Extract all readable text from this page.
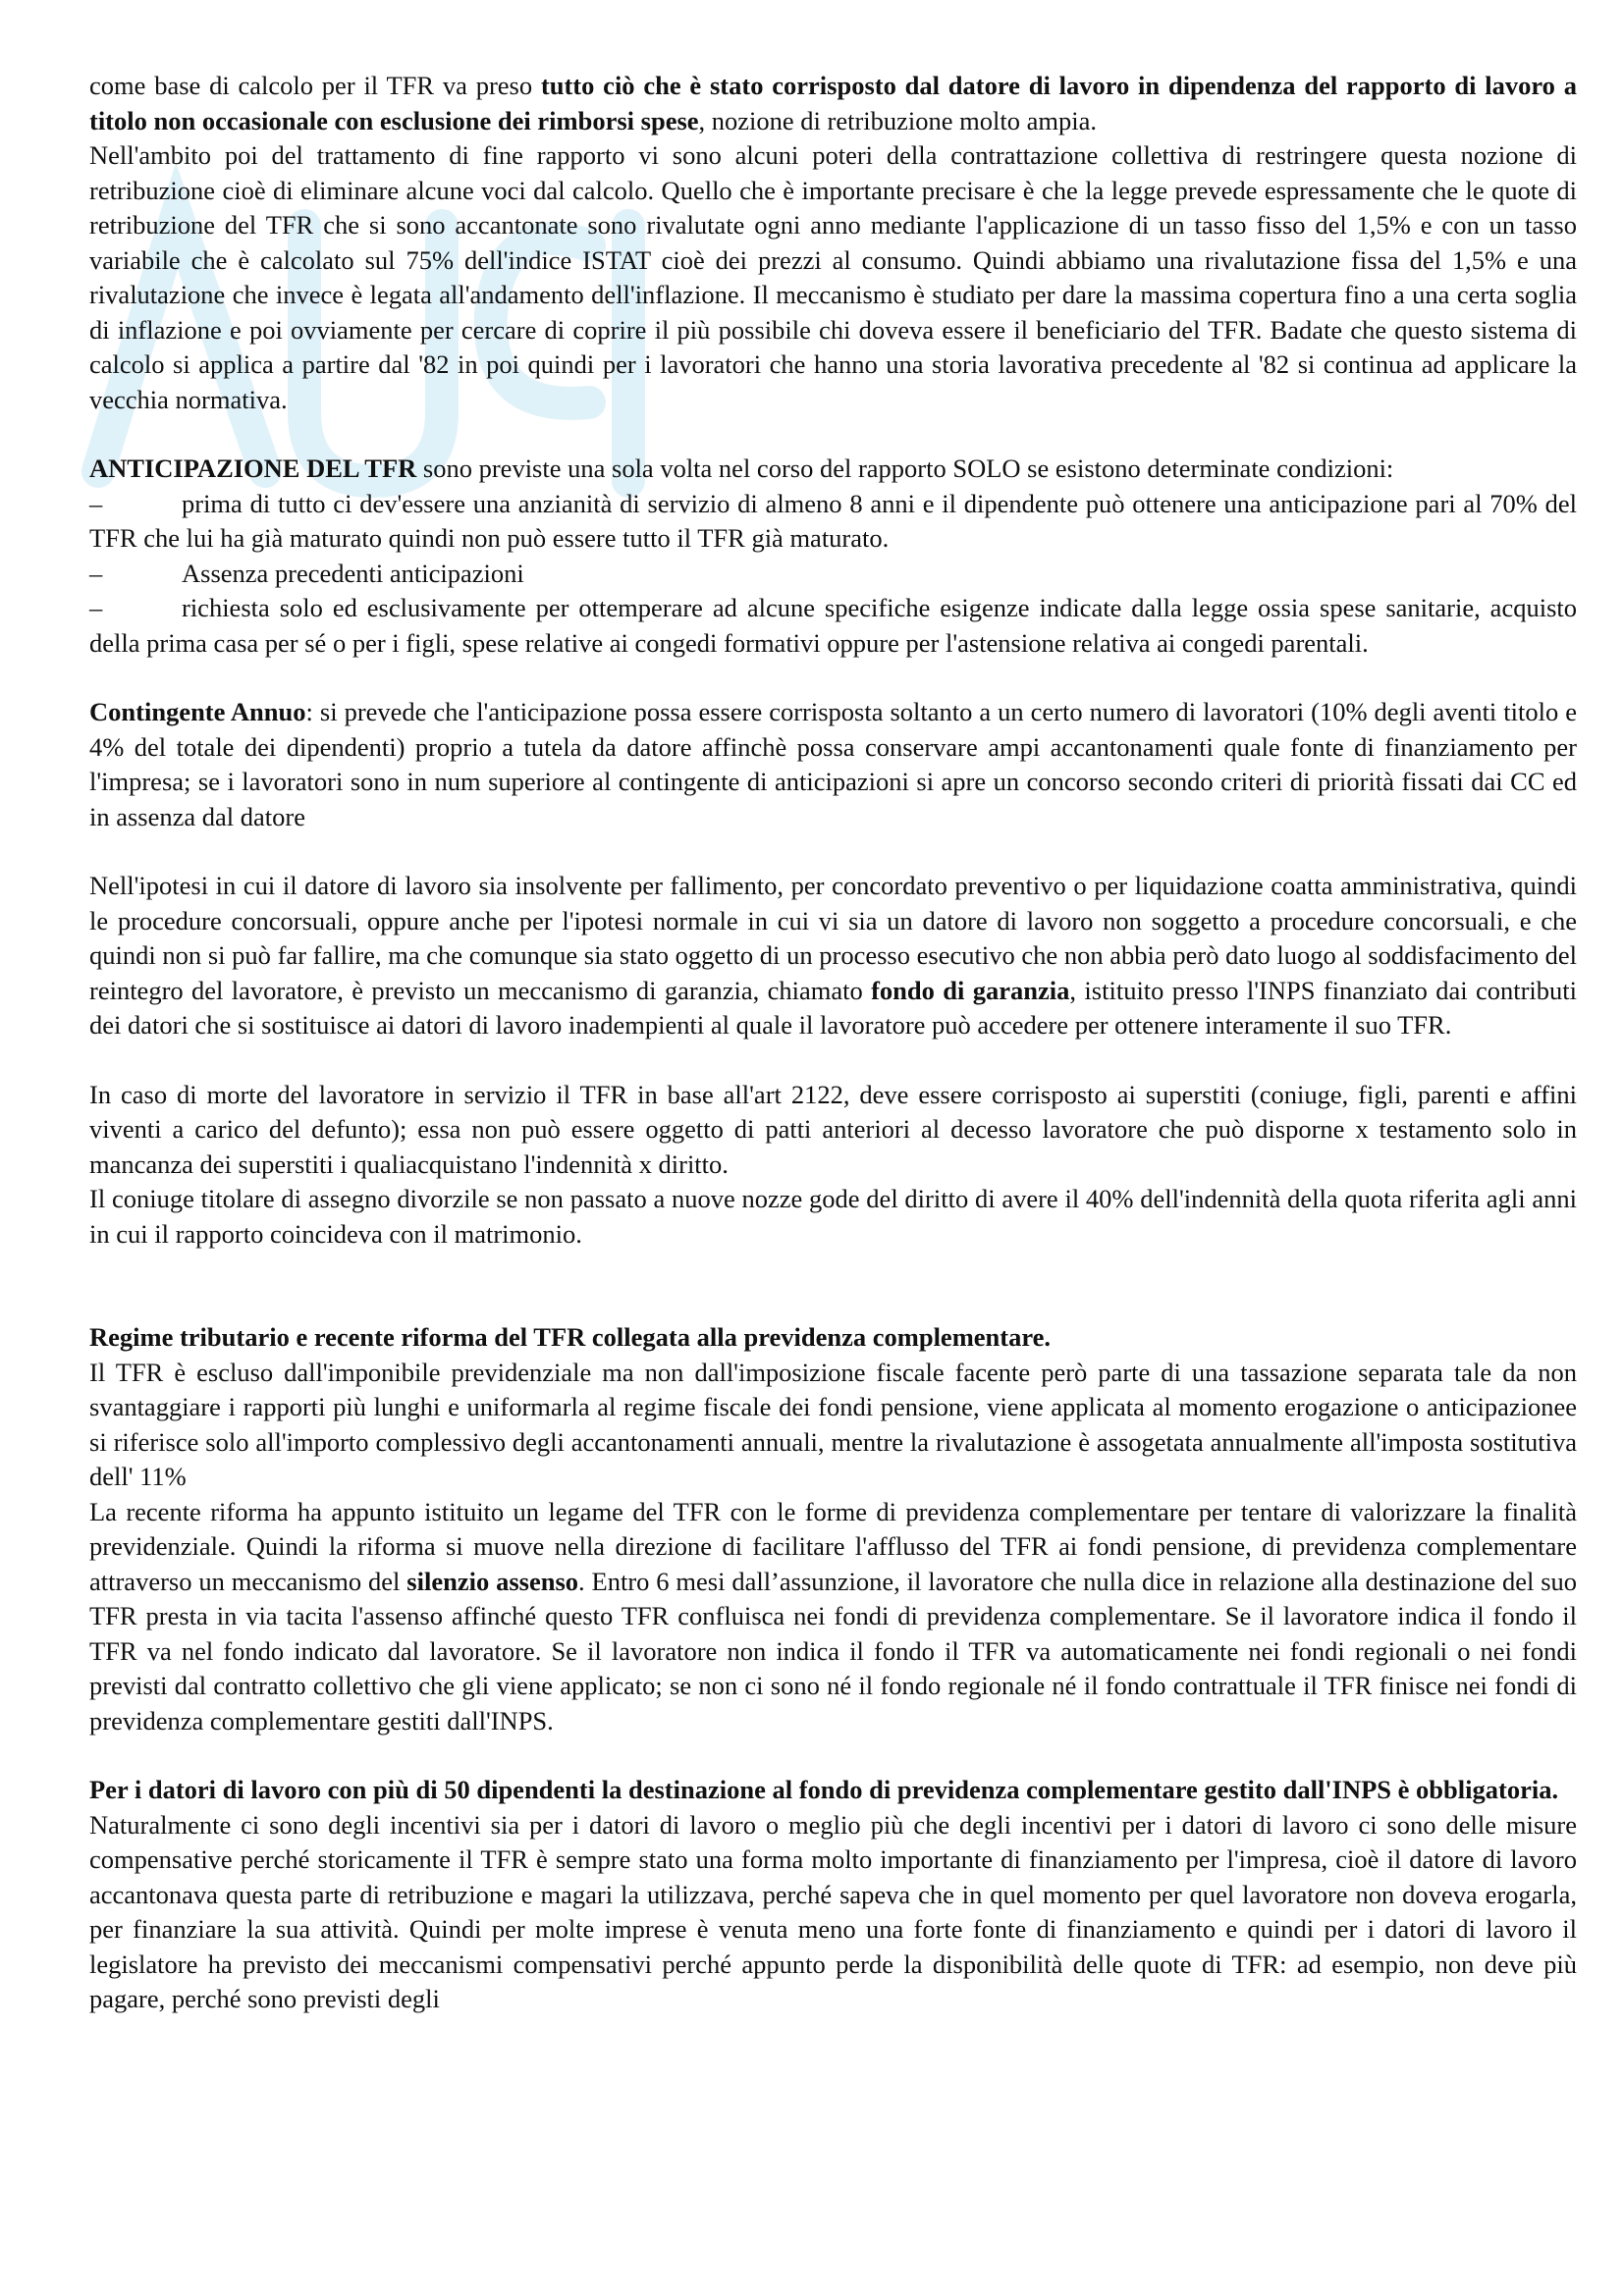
come base di calcolo per il TFR va preso tutto ciò che è stato corrisposto dal datore di lavoro in dipendenza del rapporto di lavoro a titolo non occasionale con esclusione dei rimborsi spese, nozione di retribuzione molto ampia.

Nell'ambito poi del trattamento di fine rapporto vi sono alcuni poteri della contrattazione collettiva di restringere questa nozione di retribuzione cioè di eliminare alcune voci dal calcolo. Quello che è importante precisare è che la legge prevede espressamente che le quote di retribuzione del TFR che si sono accantonate sono rivalutate ogni anno mediante l'applicazione di un tasso fisso del 1,5% e con un tasso variabile che è calcolato sul 75% dell'indice ISTAT cioè dei prezzi al consumo. Quindi abbiamo una rivalutazione fissa del 1,5% e una rivalutazione che invece è legata all'andamento dell'inflazione. Il meccanismo è studiato per dare la massima copertura fino a una certa soglia di inflazione e poi ovviamente per cercare di coprire il più possibile chi doveva essere il beneficiario del TFR. Badate che questo sistema di calcolo si applica a partire dal '82 in poi quindi per i lavoratori che hanno una storia lavorativa precedente al '82 si continua ad applicare la vecchia normativa.

ANTICIPAZIONE DEL TFR sono previste una sola volta nel corso del rapporto SOLO se esistono determinate condizioni:

–	prima di tutto ci dev'essere una anzianità di servizio di almeno 8 anni e il dipendente può ottenere una anticipazione pari al 70% del TFR che lui ha già maturato quindi non può essere tutto il TFR già maturato.

–	Assenza precedenti anticipazioni

–	richiesta solo ed esclusivamente per ottemperare ad alcune specifiche esigenze indicate dalla legge ossia spese sanitarie, acquisto della prima casa per sé o per i figli, spese relative ai congedi formativi oppure per l'astensione relativa ai congedi parentali.

Contingente Annuo: si prevede che l'anticipazione possa essere corrisposta soltanto a un certo numero di lavoratori (10% degli aventi titolo e 4% del totale dei dipendenti) proprio a tutela da datore affinchè possa conservare ampi accantonamenti quale fonte di finanziamento per l'impresa; se i lavoratori sono in num superiore al contingente di anticipazioni si apre un concorso secondo criteri di priorità fissati dai CC ed in assenza dal datore

Nell'ipotesi in cui il datore di lavoro sia insolvente per fallimento, per concordato preventivo o per liquidazione coatta amministrativa, quindi le procedure concorsuali, oppure anche per l'ipotesi normale in cui vi sia un datore di lavoro non soggetto a procedure concorsuali, e che quindi non si può far fallire, ma che comunque sia stato oggetto di un processo esecutivo che non abbia però dato luogo al soddisfacimento del reintegro del lavoratore, è previsto un meccanismo di garanzia, chiamato fondo di garanzia, istituito presso l'INPS finanziato dai contributi dei datori che si sostituisce ai datori di lavoro inadempienti al quale il lavoratore può accedere per ottenere interamente il suo TFR.

In caso di morte del lavoratore in servizio il TFR in base all'art 2122, deve essere corrisposto ai superstiti (coniuge, figli, parenti e affini viventi a carico del defunto); essa non può essere oggetto di patti anteriori al decesso lavoratore che può disporne x testamento solo in mancanza dei superstiti i qualiacquistano l'indennità x diritto.

Il coniuge titolare di assegno divorzile se non passato a nuove nozze gode del diritto di avere il 40% dell'indennità della quota riferita agli anni in cui il rapporto coincideva con il matrimonio.

Regime tributario e recente riforma del TFR collegata alla previdenza complementare.

Il TFR è escluso dall'imponibile previdenziale ma non dall'imposizione fiscale facente però parte di una tassazione separata tale da non svantaggiare i rapporti più lunghi e uniformarla al regime fiscale dei fondi pensione, viene applicata al momento erogazione o anticipazionee si riferisce solo all'importo complessivo degli accantonamenti annuali, mentre la rivalutazione è assogetata annualmente all'imposta sostitutiva dell' 11%

La recente riforma ha appunto istituito un legame del TFR con le forme di previdenza complementare per tentare di valorizzare la finalità previdenziale. Quindi la riforma si muove nella direzione di facilitare l'afflusso del TFR ai fondi pensione, di previdenza complementare attraverso un meccanismo del silenzio assenso. Entro 6 mesi dall’assunzione, il lavoratore che nulla dice in relazione alla destinazione del suo TFR presta in via tacita l'assenso affinché questo TFR confluisca nei fondi di previdenza complementare. Se il lavoratore indica il fondo il TFR va nel fondo indicato dal lavoratore. Se il lavoratore non indica il fondo il TFR va automaticamente nei fondi regionali o nei fondi previsti dal contratto collettivo che gli viene applicato; se non ci sono né il fondo regionale né il fondo contrattuale il TFR finisce nei fondi di previdenza complementare gestiti dall'INPS.

Per i datori di lavoro con più di 50 dipendenti la destinazione al fondo di previdenza complementare gestito dall'INPS è obbligatoria.

Naturalmente ci sono degli incentivi sia per i datori di lavoro o meglio più che degli incentivi per i datori di lavoro ci sono delle misure compensative perché storicamente il TFR è sempre stato una forma molto importante di finanziamento per l'impresa, cioè il datore di lavoro accantonava questa parte di retribuzione e magari la utilizzava, perché sapeva che in quel momento per quel lavoratore non doveva erogarla, per finanziare la sua attività. Quindi per molte imprese è venuta meno una forte fonte di finanziamento e quindi per i datori di lavoro il legislatore ha previsto dei meccanismi compensativi perché appunto perde la disponibilità delle quote di TFR: ad esempio, non deve più pagare, perché sono previsti degli
